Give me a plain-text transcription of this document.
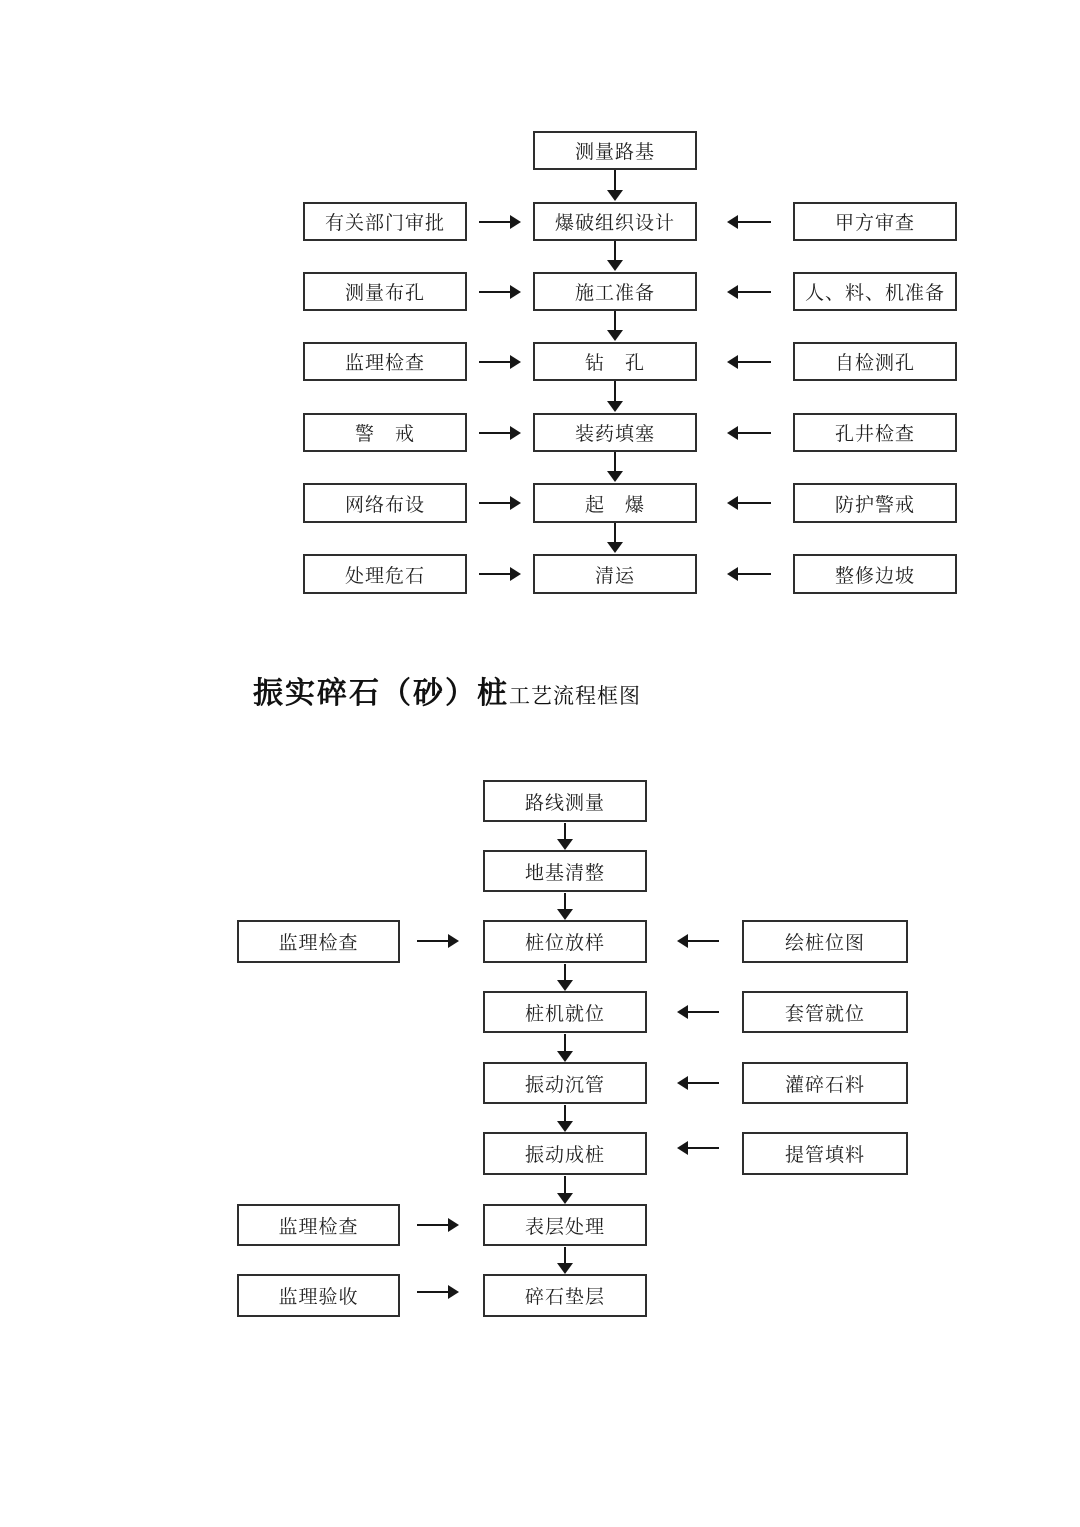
测量路基
爆破组织设计
施工准备
钻　孔
装药填塞
起　爆
清运
有关部门审批
测量布孔
监理检查
警　戒
网络布设
处理危石
甲方审查
人、料、机准备
自检测孔
孔井检查
防护警戒
整修边坡
振实碎石（砂）桩 工艺流程框图
路线测量
地基清整
桩位放样
桩机就位
振动沉管
振动成桩
表层处理
碎石垫层
监理检查
监理检查
监理验收
绘桩位图
套管就位
灌碎石料
提管填料
